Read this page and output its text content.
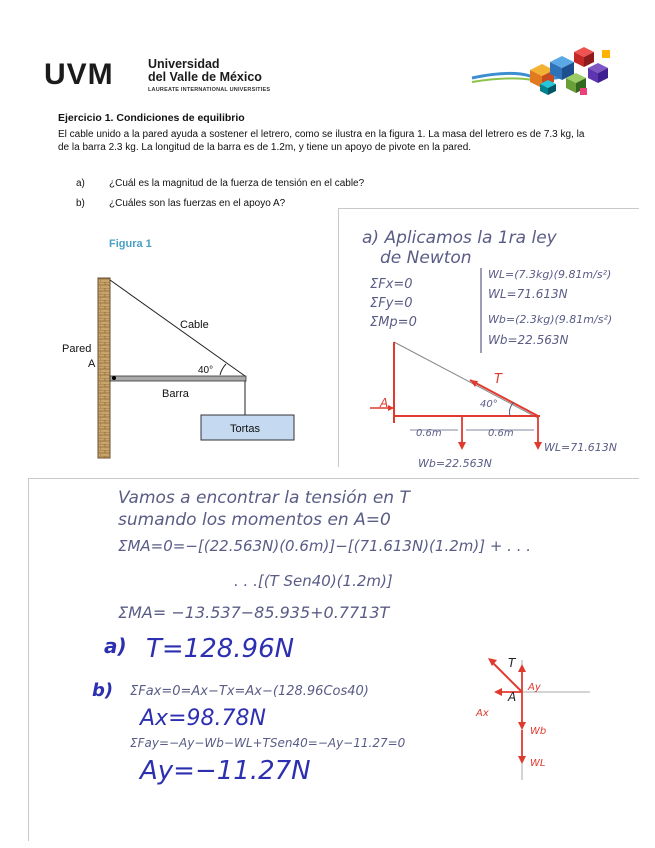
UVM	Universidad
del Valle de México
LAUREATE INTERNATIONAL UNIVERSITIES
Ejercicio 1. Condiciones de equilibrio
El cable unido a la pared ayuda a sostener el letrero, como se ilustra en la figura 1. La masa del letrero es de 7.3 kg, la de la barra 2.3 kg. La longitud de la barra es de 1.2m, y tiene un apoyo de pivote en la pared.
a) ¿Cuál es la magnitud de la fuerza de tensión en el cable?
b) ¿Cuáles son las fuerzas en el apoyo A?
Figura 1
Pared
A
Cable
40°
Barra
Tortas
a) Aplicamos la 1ra ley
de Newton
ΣFx=0
ΣFy=0
ΣMp=0
WL=(7.3kg)(9.81m/s²)
WL=71.613N
Wb=(2.3kg)(9.81m/s²)
Wb=22.563N
A
T
40°
0.6m	0.6m
Wb=22.563N
WL=71.613N
Vamos a encontrar la tensión en T
sumando los momentos en A=0
ΣMA=0=−[(22.563N)(0.6m)]−[(71.613N)(1.2m)] + . . .
. . .[(T Sen40)(1.2m)]
ΣMA= −13.537−85.935+0.7713T
a) T=128.96N
b) ΣFax=0=Ax−Tx=Ax−(128.96Cos40)
Ax=98.78N
ΣFay=−Ay−Wb−WL+TSen40=−Ay−11.27=0
Ay=−11.27N
T
A
Ay
Ax
Wb
WL
